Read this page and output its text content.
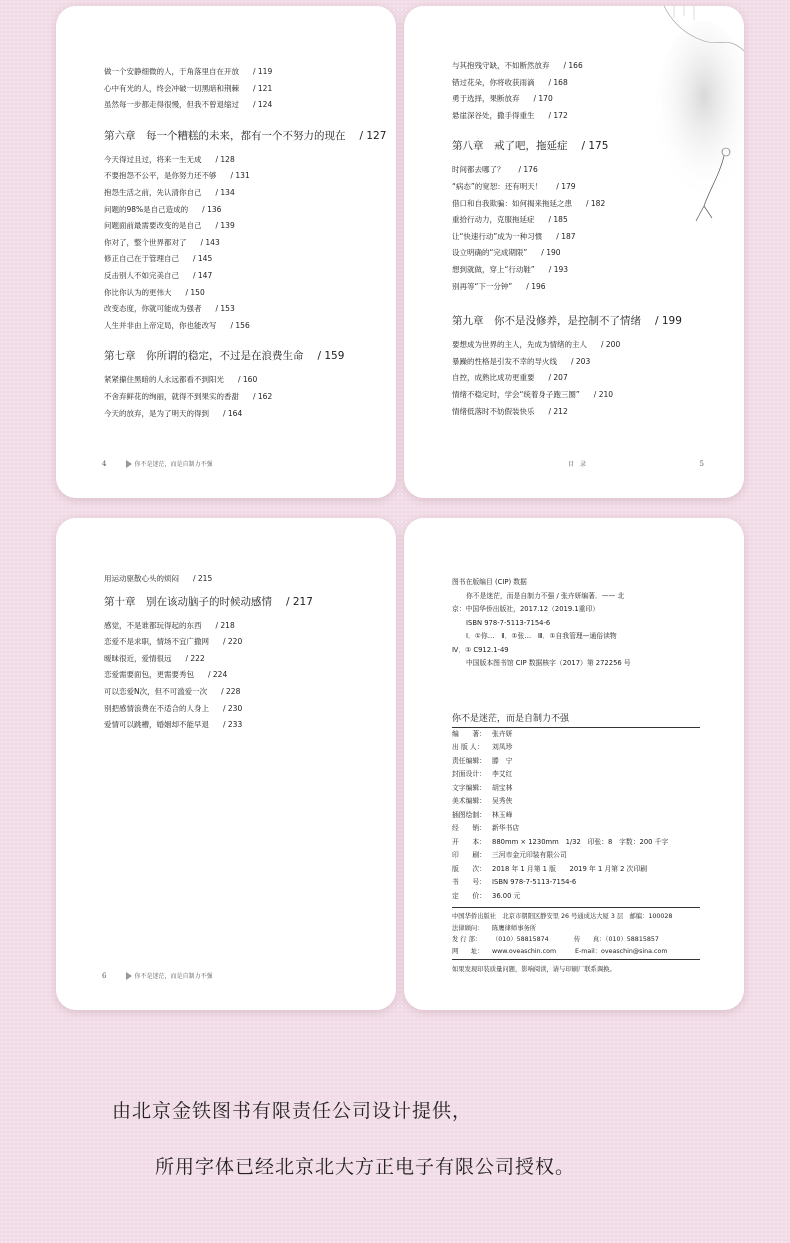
做一个安静细微的人，于角落里自在开放 / 119
心中有光的人，终会冲破一切黑暗和荆棘 / 121
虽然每一步都走得很慢，但我不曾退缩过 / 124
第六章　每一个糟糕的未来，都有一个不努力的现在 / 127
今天得过且过，将来一生无成 / 128
不要抱怨不公平，是你努力还不够 / 131
抱怨生活之前，先认清你自己 / 134
问题的98%是自己造成的 / 136
问题面前最需要改变的是自己 / 139
你对了，整个世界都对了 / 143
修正自己在于管理自己 / 145
反击别人不如完美自己 / 147
你比你认为的更伟大 / 150
改变态度，你就可能成为强者 / 153
人生并非由上帝定局，你也能改写 / 156
第七章　你所谓的稳定，不过是在浪费生命 / 159
紧紧攥住黑暗的人永远都看不到阳光 / 160
不舍弃鲜花的绚丽，就得不到果实的香甜 / 162
今天的放弃，是为了明天的得到 / 164
4	你不是迷茫，而是自制力不强
与其抱残守缺，不如断然放弃 / 166
错过花朵，你将收获雨滴 / 168
勇于选择，果断放弃 / 170
悬崖深谷处，撒手得重生 / 172
第八章　戒了吧，拖延症 / 175
时间都去哪了？ / 176
“病态”的宽恕：还有明天！ / 179
借口和自我欺骗：如何揭来拖延之患 / 182
重拾行动力，克服拖延症 / 185
让“快速行动”成为一种习惯 / 187
设立明确的“完成期限” / 190
想到就做，穿上“行动鞋” / 193
别再等“下一分钟” / 196
第九章　你不是没修养，是控制不了情绪 / 199
要想成为世界的主人，先成为情绪的主人 / 200
暴躁的性格是引发不幸的导火线 / 203
自控，成熟比成功更重要 / 207
情绪不稳定时，学会“统着身子跑三圈” / 210
情绪低落时不妨假装快乐 / 212
目　录	5
用运动驱散心头的烦闷 / 215
第十章　别在该动脑子的时候动感情 / 217
感觉，不是谁都玩得起的东西 / 218
恋爱不是求职，情场不宜广撒网 / 220
暧昧很近，爱情很远 / 222
恋爱需要面包，更需要秀包 / 224
可以恋爱N次，但不可滥爱一次 / 228
别把感情浪费在不适合的人身上 / 230
爱情可以跳槽，婚姻却不能早退 / 233
6	你不是迷茫，而是自制力不强
图书在版编目 (CIP) 数据
你不是迷茫，而是自制力不强 / 张卉妍编著．—— 北
京：中国华侨出版社，2017.12（2019.1重印）
ISBN 978-7-5113-7154-6
Ⅰ．①你…　Ⅱ．①张…　Ⅲ．①自我管理—通俗读物
Ⅳ．① C912.1-49
中国版本图书馆 CIP 数据核字（2017）第 272256 号
你不是迷茫，而是自制力不强
编　　著： 张卉妍
出 版 人： 刘凤珍
责任编辑： 滕　宁
封面设计： 李艾红
文字编辑： 胡宝林
美术编辑： 吴秀侠
插图绘制： 林玉峰
经　　销： 新华书店
开　　本： 880mm × 1230mm　1/32　印张：8　字数：200 千字
印　　刷： 三河市金元印装有限公司
版　　次： 2018 年 1 月第 1 版　　2019 年 1 月第 2 次印刷
书　　号： ISBN 978-7-5113-7154-6
定　　价： 36.00 元
中国华侨出版社　北京市朝阳区静安里 26 号通成达大厦 3 层　邮编：100028
法律顾问： 陈鹰律师事务所
发 行 部： （010）58815874　　　　传　　真：（010）58815857
网　　址： www.oveaschin.com　　　E-mail：oveaschin@sina.com
如果发现印装质量问题，影响阅读，请与印刷厂联系调换。
由北京金铁图书有限责任公司设计提供，
所用字体已经北京北大方正电子有限公司授权。
